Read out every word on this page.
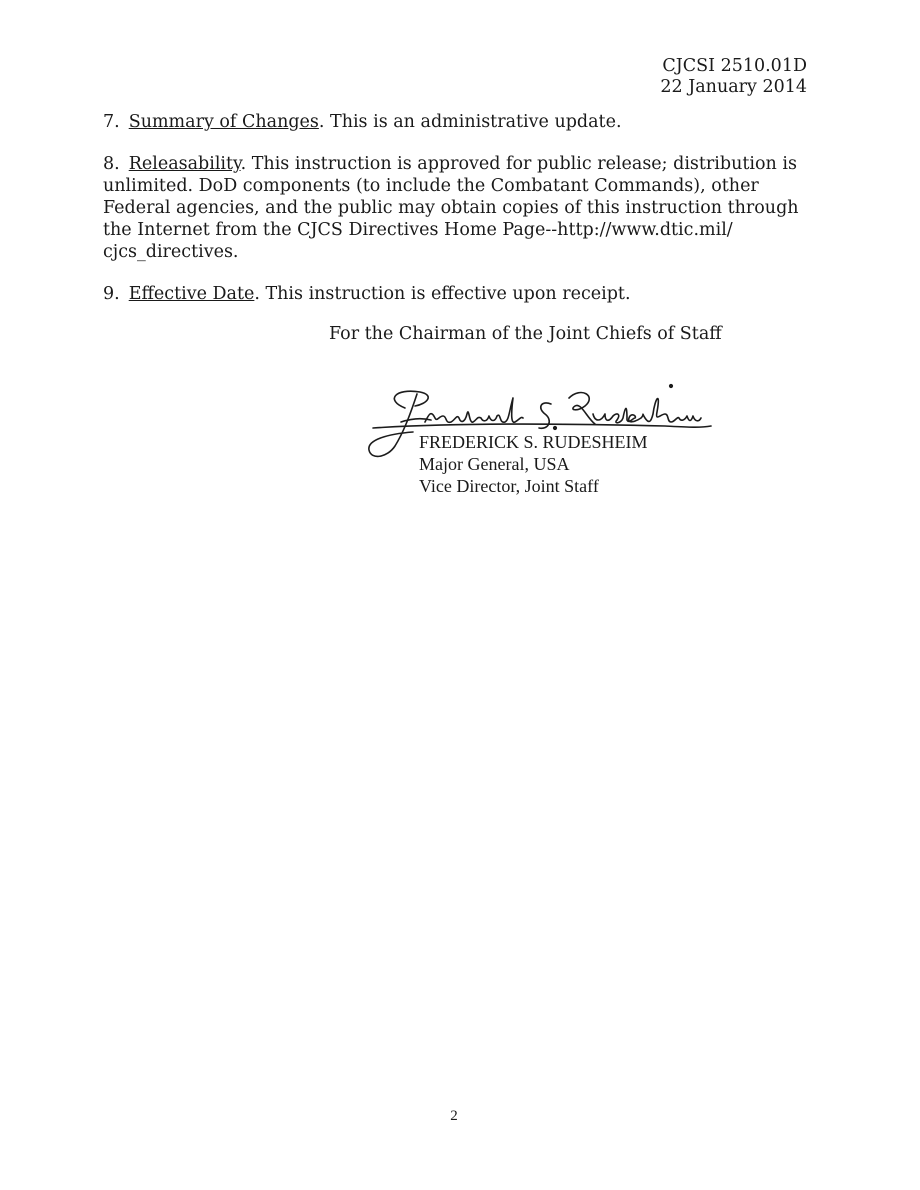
CJCSI 2510.01D
22 January 2014
7. Summary of Changes. This is an administrative update.
8. Releasability. This instruction is approved for public release; distribution is unlimited. DoD components (to include the Combatant Commands), other Federal agencies, and the public may obtain copies of this instruction through the Internet from the CJCS Directives Home Page--http://www.dtic.mil/ cjcs_directives.
9. Effective Date. This instruction is effective upon receipt.
For the Chairman of the Joint Chiefs of Staff
FREDERICK S. RUDESHEIM
Major General, USA
Vice Director, Joint Staff
2
